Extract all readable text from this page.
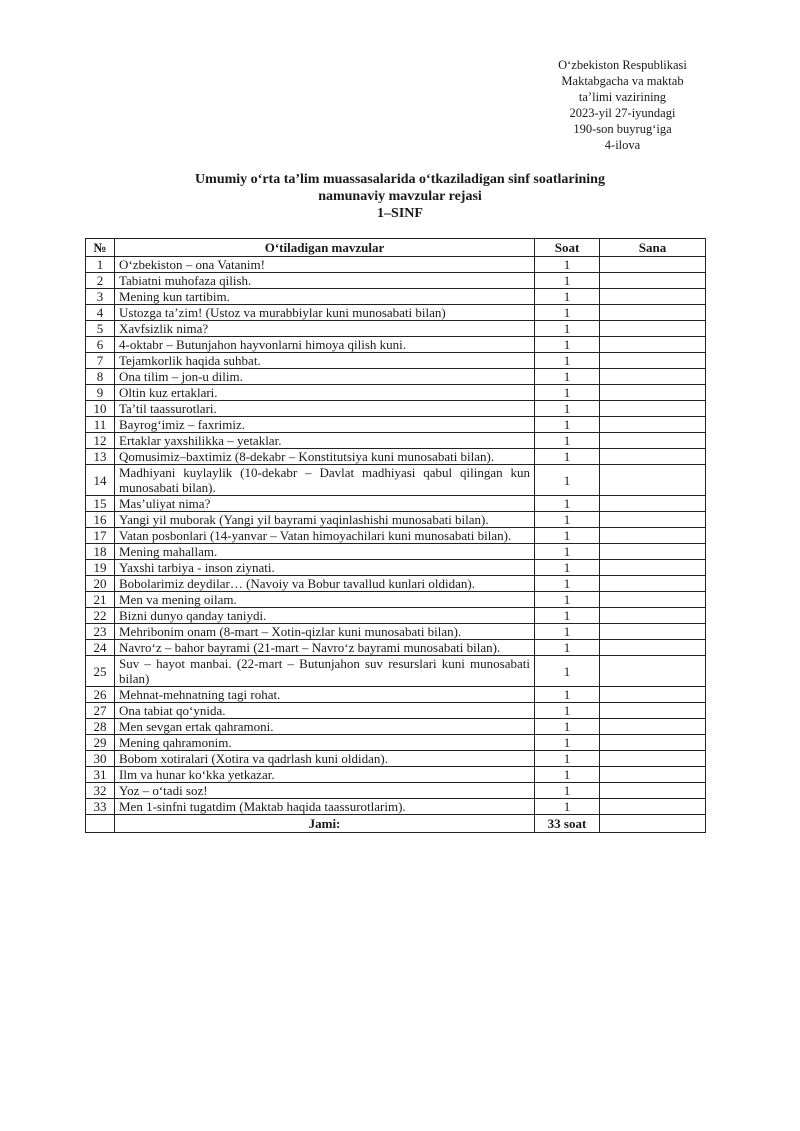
O‘zbekiston Respublikasi
Maktabgacha va maktab
ta’limi vazirining
2023-yil 27-iyundagi
190-son buyrug‘iga
4-ilova
Umumiy o‘rta ta’lim muassasalarida o‘tkaziladigan sinf soatlarining
namunaviy mavzular rejasi
1–SINF
№	O‘tiladigan mavzular	Soat	Sana
1	O‘zbekiston – ona Vatanim!	1	
2	Tabiatni muhofaza qilish.	1	
3	Mening kun tartibim.	1	
4	Ustozga ta’zim! (Ustoz va murabbiylar kuni munosabati bilan)	1	
5	Xavfsizlik nima?	1	
6	4-oktabr – Butunjahon hayvonlarni himoya qilish kuni.	1	
7	Tejamkorlik haqida suhbat.	1	
8	Ona tilim – jon-u dilim.	1	
9	Oltin kuz ertaklari.	1	
10	Ta’til taassurotlari.	1	
11	Bayrog‘imiz – faxrimiz.	1	
12	Ertaklar yaxshilikka – yetaklar.	1	
13	Qomusimiz–baxtimiz (8-dekabr – Konstitutsiya kuni munosabati bilan).	1	
14	Madhiyani kuylaylik (10-dekabr – Davlat madhiyasi qabul qilingan kun munosabati bilan).	1	
15	Mas’uliyat nima?	1	
16	Yangi yil muborak (Yangi yil bayrami yaqinlashishi munosabati bilan).	1	
17	Vatan posbonlari (14-yanvar – Vatan himoyachilari kuni munosabati bilan).	1	
18	Mening mahallam.	1	
19	Yaxshi tarbiya - inson ziynati.	1	
20	Bobolarimiz deydilar… (Navoiy va Bobur tavallud kunlari oldidan).	1	
21	Men va mening oilam.	1	
22	Bizni dunyo qanday taniydi.	1	
23	Mehribonim onam (8-mart – Xotin-qizlar kuni munosabati bilan).	1	
24	Navro‘z – bahor bayrami (21-mart – Navro‘z bayrami munosabati bilan).	1	
25	Suv – hayot manbai. (22-mart – Butunjahon suv resurslari kuni munosabati bilan)	1	
26	Mehnat-mehnatning tagi rohat.	1	
27	Ona tabiat qo‘ynida.	1	
28	Men sevgan ertak qahramoni.	1	
29	Mening qahramonim.	1	
30	Bobom xotiralari (Xotira va qadrlash kuni oldidan).	1	
31	Ilm va hunar ko‘kka yetkazar.	1	
32	Yoz – o‘tadi soz!	1	
33	Men 1-sinfni tugatdim (Maktab haqida taassurotlarim).	1	
	Jami:	33 soat	
